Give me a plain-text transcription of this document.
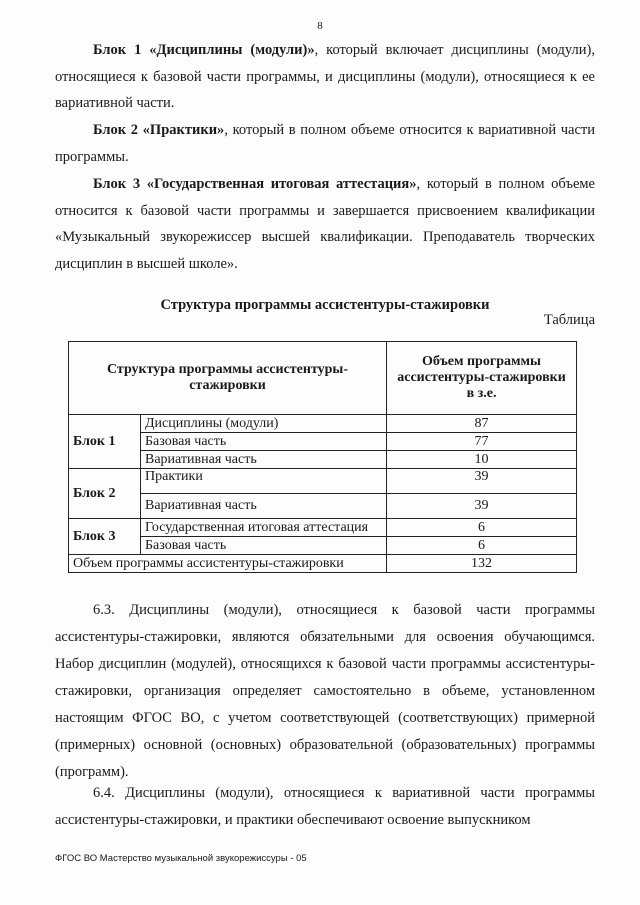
8

Блок 1 «Дисциплины (модули)», который включает дисциплины (модули), относящиеся к базовой части программы, и дисциплины (модули), относящиеся к ее вариативной части.

Блок 2 «Практики», который в полном объеме относится к вариативной части программы.

Блок 3 «Государственная итоговая аттестация», который в полном объеме относится к базовой части программы и завершается присвоением квалификации «Музыкальный звукорежиссер высшей квалификации. Преподаватель творческих дисциплин в высшей школе».

Структура программы ассистентуры-стажировки
Таблица
Структура программы ассистентуры-стажировки		Объем программы ассистентуры-стажировки
в з.е.
Блок 1	Дисциплины (модули)	87
	Базовая часть	77
	Вариативная часть	10
Блок 2	Практики	39
	Вариативная часть	39
Блок 3	Государственная итоговая аттестация	6
	Базовая часть	6
Объем программы ассистентуры-стажировки		132

6.3. Дисциплины (модули), относящиеся к базовой части программы ассистентуры-стажировки, являются обязательными для освоения обучающимся. Набор дисциплин (модулей), относящихся к базовой части программы ассистентуры-стажировки, организация определяет самостоятельно в объеме, установленном настоящим ФГОС ВО, с учетом соответствующей (соответствующих) примерной (примерных) основной (основных) образовательной (образовательных) программы (программ).

6.4. Дисциплины (модули), относящиеся к вариативной части программы ассистентуры-стажировки, и практики обеспечивают освоение выпускником

ФГОС ВО Мастерство музыкальной звукорежиссуры - 05
